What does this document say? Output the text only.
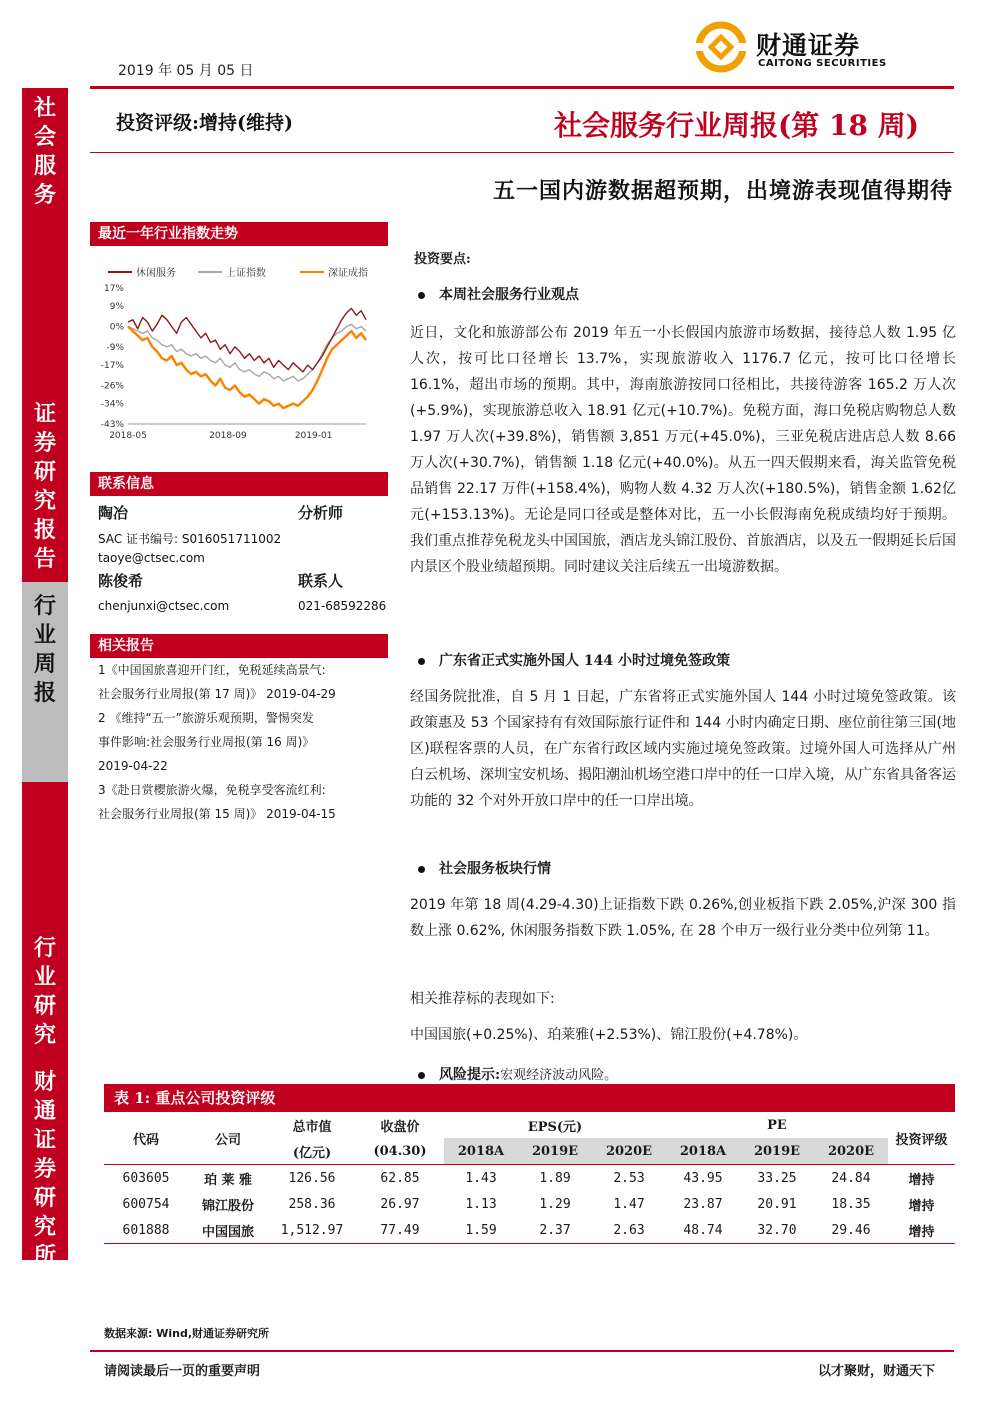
社
会
服
务
证
券
研
究
报
告
行
业
周
报
行
业
研
究
财
通
证
券
研
究
所
2019 年 05 月 05 日
财通证券
CAITONG SECURITIES
投资评级:增持(维持)	社会服务行业周报(第 18 周)
五一国内游数据超预期，出境游表现值得期待
最近一年行业指数走势
休闲服务	上证指数	深证成指
17%
9%
0%
-9%
-17%
-26%
-34%
-43%
2018-05	2018-09	2019-01
联系信息
陶冶	分析师
SAC 证书编号: S016051711002
taoye@ctsec.com
陈俊希	联系人
chenjunxi@ctsec.com	021-68592286
相关报告

1《中国国旅喜迎开门红，免税延续高景气:

社会服务行业周报(第 17 周)》 2019-04-29

2 《维持“五一”旅游乐观预期，警惕突发

事件影响:社会服务行业周报(第 16 周)》

2019-04-22

3《赴日赏樱旅游火爆，免税享受客流红利:

社会服务行业周报(第 15 周)》 2019-04-15

投资要点:
本周社会服务行业观点

近日，文化和旅游部公布 2019 年五一小长假国内旅游市场数据，接待总人数 1.95 亿人次，按可比口径增长 13.7%，实现旅游收入 1176.7 亿元，按可比口径增长 16.1%，超出市场的预期。其中，海南旅游按同口径相比，共接待游客 165.2 万人次(+5.9%)，实现旅游总收入 18.91 亿元(+10.7%)。免税方面，海口免税店购物总人数 1.97 万人次(+39.8%)，销售额 3,851 万元(+45.0%)，三亚免税店进店总人数 8.66 万人次(+30.7%)，销售额 1.18 亿元(+40.0%)。从五一四天假期来看，海关监管免税品销售 22.17 万件(+158.4%)，购物人数 4.32 万人次(+180.5%)，销售金额 1.62亿元(+153.13%)。无论是同口径或是整体对比，五一小长假海南免税成绩均好于预期。我们重点推荐免税龙头中国国旅，酒店龙头锦江股份、首旅酒店，以及五一假期延长后国内景区个股业绩超预期。同时建议关注后续五一出境游数据。

广东省正式实施外国人 144 小时过境免签政策

经国务院批准，自 5 月 1 日起，广东省将正式实施外国人 144 小时过境免签政策。该政策惠及 53 个国家持有有效国际旅行证件和 144 小时内确定日期、座位前往第三国(地区)联程客票的人员，在广东省行政区域内实施过境免签政策。过境外国人可选择从广州白云机场、深圳宝安机场、揭阳潮汕机场空港口岸中的任一口岸入境，从广东省具备客运功能的 32 个对外开放口岸中的任一口岸出境。

社会服务板块行情

2019 年第 18 周(4.29-4.30)上证指数下跌 0.26%,创业板指下跌 2.05%,沪深 300 指数上涨 0.62%, 休闲服务指数下跌 1.05%, 在 28 个申万一级行业分类中位列第 11。

相关推荐标的表现如下:

中国国旅(+0.25%)、珀莱雅(+2.53%)、锦江股份(+4.78%)。

风险提示:宏观经济波动风险。
表 1: 重点公司投资评级
代码	公司	总市值	收盘价	EPS(元)			PE			投资评级
		(亿元)	(04.30)	2018A	2019E	2020E	2018A	2019E	2020E	
603605	珀 莱 雅	126.56	62.85	1.43	1.89	2.53	43.95	33.25	24.84	增持
600754	锦江股份	258.36	26.97	1.13	1.29	1.47	23.87	20.91	18.35	增持
601888	中国国旅	1,512.97	77.49	1.59	2.37	2.63	48.74	32.70	29.46	增持
数据来源: Wind,财通证券研究所
请阅读最后一页的重要声明	以才聚财，财通天下
